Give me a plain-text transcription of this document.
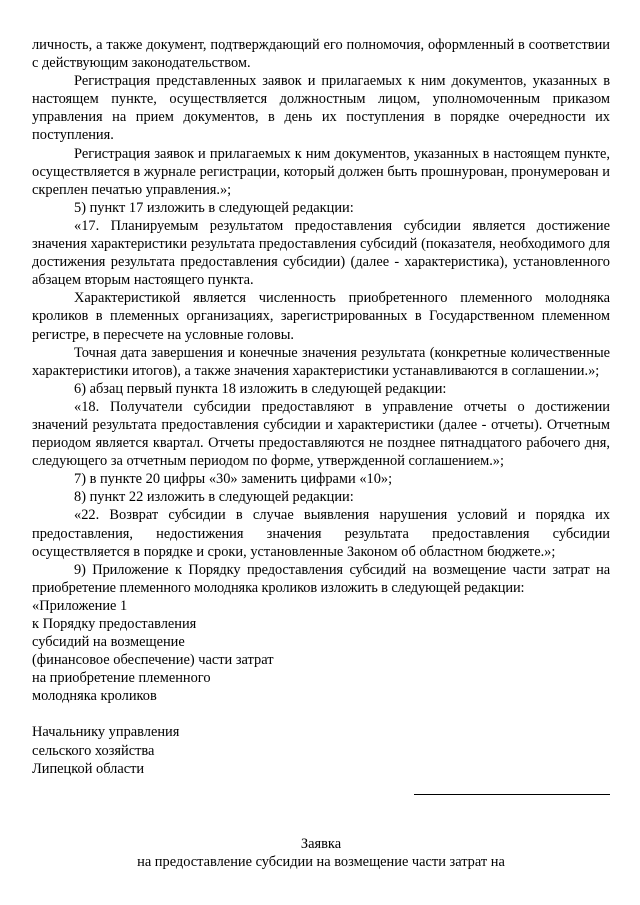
личность, а также документ, подтверждающий его полномочия, оформленный в соответствии с действующим законодательством.

Регистрация представленных заявок и прилагаемых к ним документов, указанных в настоящем пункте, осуществляется должностным лицом, уполномоченным приказом управления на прием документов, в день их поступления в порядке очередности их поступления.

Регистрация заявок и прилагаемых к ним документов, указанных в настоящем пункте, осуществляется в журнале регистрации, который должен быть прошнурован, пронумерован и скреплен печатью управления.»;

5) пункт 17 изложить в следующей редакции:

«17. Планируемым результатом предоставления субсидии является достижение значения характеристики результата предоставления субсидий (показателя, необходимого для достижения результата предоставления субсидии) (далее - характеристика), установленного абзацем вторым настоящего пункта.

Характеристикой является численность приобретенного племенного молодняка кроликов в племенных организациях, зарегистрированных в Государственном племенном регистре, в пересчете на условные головы.

Точная дата завершения и конечные значения результата (конкретные количественные характеристики итогов), а также значения характеристики устанавливаются в соглашении.»;

6) абзац первый пункта 18 изложить в следующей редакции:

«18. Получатели субсидии предоставляют в управление отчеты о достижении значений результата предоставления субсидии и характеристики (далее - отчеты). Отчетным периодом является квартал. Отчеты предоставляются не позднее пятнадцатого рабочего дня, следующего за отчетным периодом по форме, утвержденной соглашением.»;

7) в пункте 20 цифры «30» заменить цифрами «10»;

8) пункт 22 изложить в следующей редакции:

«22. Возврат субсидии в случае выявления нарушения условий и порядка их предоставления, недостижения значения результата предоставления субсидии осуществляется в порядке и сроки, установленные Законом об областном бюджете.»;

9) Приложение к Порядку предоставления субсидий на возмещение части затрат на приобретение племенного молодняка кроликов изложить в следующей редакции:

«Приложение 1

к Порядку предоставления

субсидий на возмещение

(финансовое обеспечение) части затрат

на приобретение племенного

молодняка кроликов

Начальнику управления

сельского хозяйства

Липецкой области

Заявка

на предоставление субсидии на возмещение части затрат на
